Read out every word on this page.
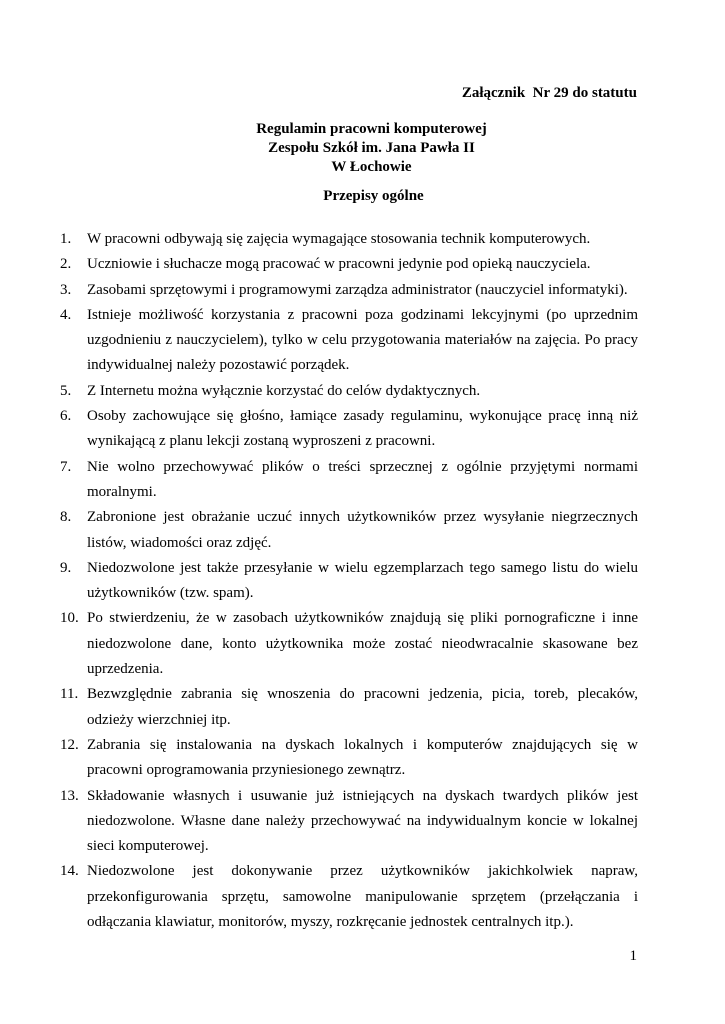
Załącznik  Nr 29 do statutu
Regulamin pracowni komputerowej
Zespołu Szkół im. Jana Pawła II
W Łochowie
Przepisy ogólne
1. W pracowni odbywają się zajęcia wymagające stosowania technik komputerowych.
2. Uczniowie i słuchacze mogą pracować w pracowni jedynie pod opieką nauczyciela.
3. Zasobami sprzętowymi i programowymi zarządza administrator (nauczyciel informatyki).
4. Istnieje możliwość korzystania z pracowni poza godzinami lekcyjnymi (po uprzednim uzgodnieniu z nauczycielem), tylko w celu przygotowania materiałów na zajęcia. Po pracy indywidualnej należy pozostawić porządek.
5. Z Internetu można wyłącznie korzystać do celów dydaktycznych.
6. Osoby zachowujące się głośno, łamiące zasady regulaminu, wykonujące pracę inną niż wynikającą z planu lekcji zostaną wyproszeni z pracowni.
7. Nie wolno przechowywać plików o treści sprzecznej z ogólnie przyjętymi normami moralnymi.
8. Zabronione jest obrażanie uczuć innych użytkowników przez wysyłanie niegrzecznych listów, wiadomości oraz zdjęć.
9. Niedozwolone jest także przesyłanie w wielu egzemplarzach tego samego listu do wielu użytkowników (tzw. spam).
10. Po stwierdzeniu, że w zasobach użytkowników znajdują się pliki pornograficzne i inne niedozwolone dane, konto użytkownika może zostać nieodwracalnie skasowane bez uprzedzenia.
11. Bezwzględnie zabrania się wnoszenia do pracowni jedzenia, picia, toreb, plecaków, odzieży wierzchniej itp.
12. Zabrania się instalowania na dyskach lokalnych i komputerów znajdujących się w pracowni oprogramowania przyniesionego zewnątrz.
13. Składowanie własnych i usuwanie już istniejących na dyskach twardych plików jest niedozwolone. Własne dane należy przechowywać na indywidualnym koncie w lokalnej sieci komputerowej.
14. Niedozwolone jest dokonywanie przez użytkowników jakichkolwiek napraw, przekonfigurowania sprzętu, samowolne manipulowanie sprzętem (przełączania i odłączania klawiatur, monitorów, myszy, rozkręcanie jednostek centralnych itp.).
1
